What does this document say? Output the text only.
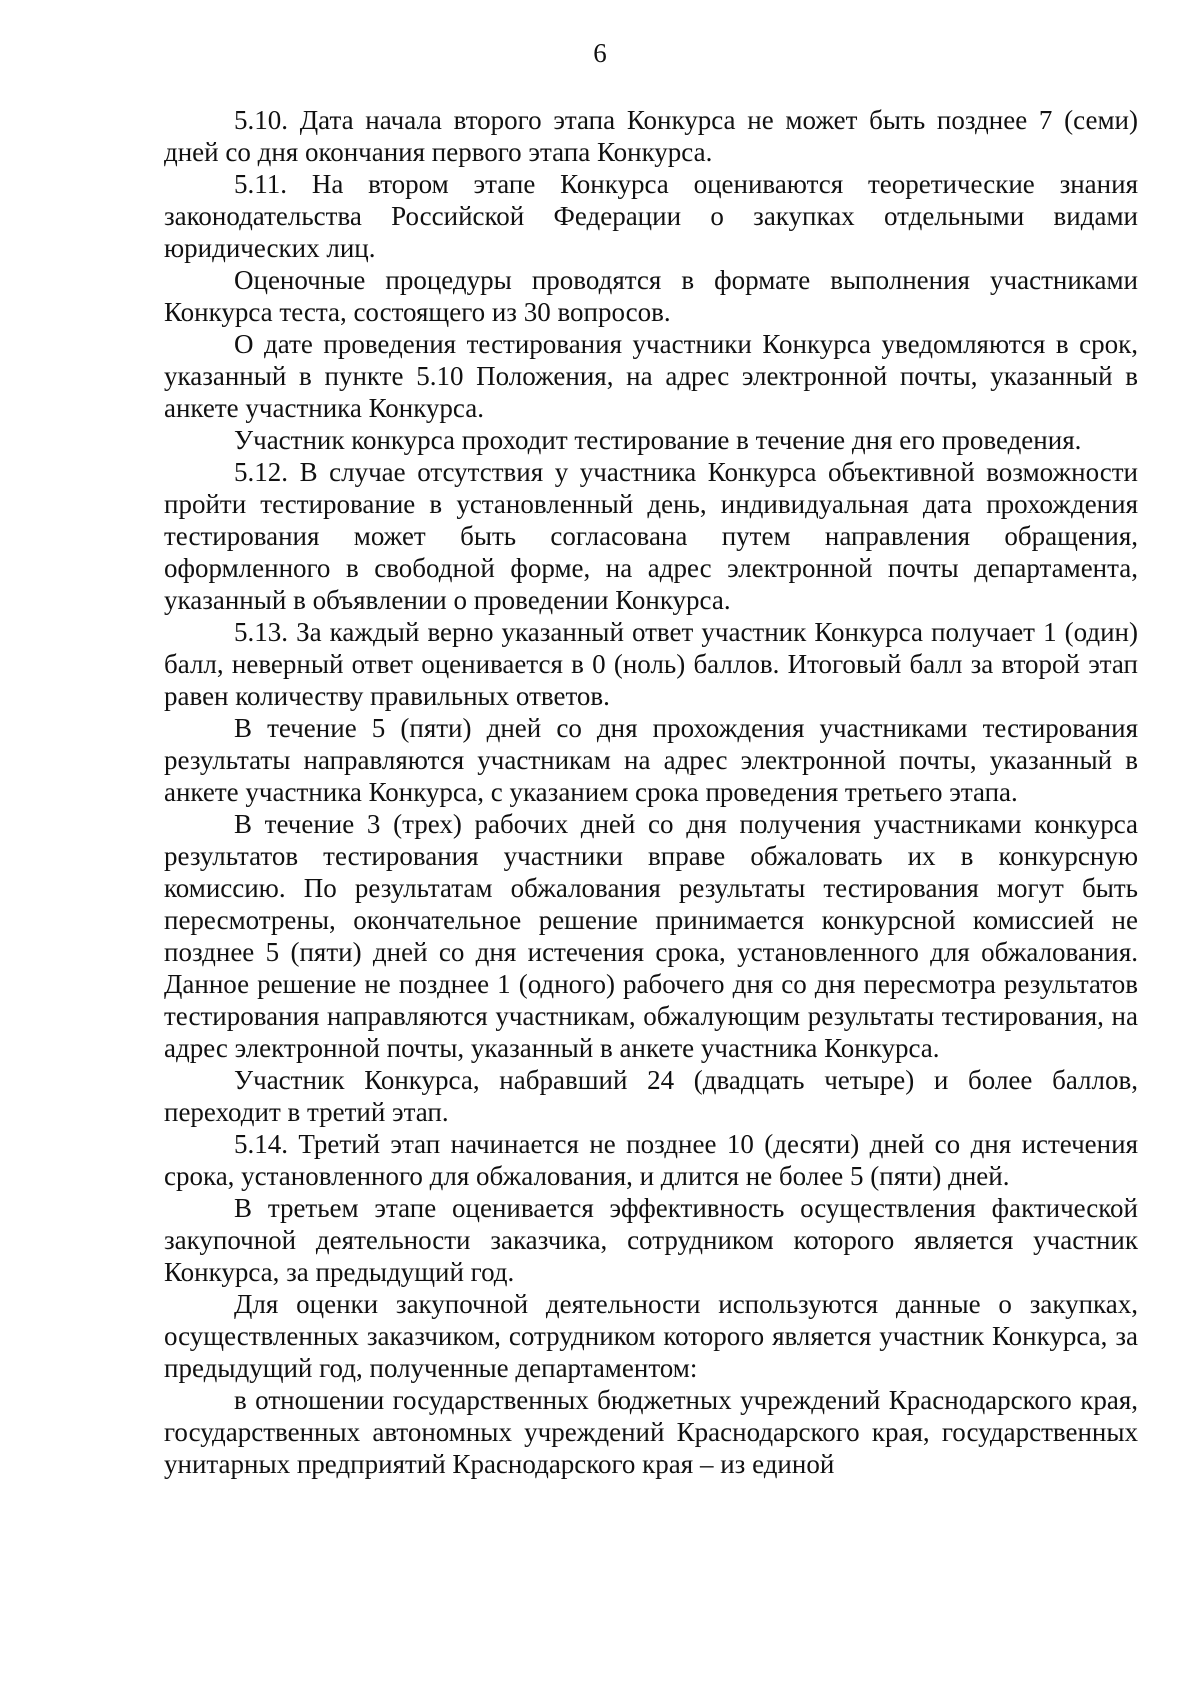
6

5.10. Дата начала второго этапа Конкурса не может быть позднее 7 (семи) дней со дня окончания первого этапа Конкурса.

5.11. На втором этапе Конкурса оцениваются теоретические знания законодательства Российской Федерации о закупках отдельными видами юридических лиц.

Оценочные процедуры проводятся в формате выполнения участниками Конкурса теста, состоящего из 30 вопросов.

О дате проведения тестирования участники Конкурса уведомляются в срок, указанный в пункте 5.10 Положения, на адрес электронной почты, указанный в анкете участника Конкурса.

Участник конкурса проходит тестирование в течение дня его проведения.

5.12. В случае отсутствия у участника Конкурса объективной возможности пройти тестирование в установленный день, индивидуальная дата прохождения тестирования может быть согласована путем направления обращения, оформленного в свободной форме, на адрес электронной почты департамента, указанный в объявлении о проведении Конкурса.

5.13. За каждый верно указанный ответ участник Конкурса получает 1 (один) балл, неверный ответ оценивается в 0 (ноль) баллов. Итоговый балл за второй этап равен количеству правильных ответов.

В течение 5 (пяти) дней со дня прохождения участниками тестирования результаты направляются участникам на адрес электронной почты, указанный в анкете участника Конкурса, с указанием срока проведения третьего этапа.

В течение 3 (трех) рабочих дней со дня получения участниками конкурса результатов тестирования участники вправе обжаловать их в конкурсную комиссию. По результатам обжалования результаты тестирования могут быть пересмотрены, окончательное решение принимается конкурсной комиссией не позднее 5 (пяти) дней со дня истечения срока, установленного для обжалования. Данное решение не позднее 1 (одного) рабочего дня со дня пересмотра результатов тестирования направляются участникам, обжалующим результаты тестирования, на адрес электронной почты, указанный в анкете участника Конкурса.

Участник Конкурса, набравший 24 (двадцать четыре) и более баллов, переходит в третий этап.

5.14. Третий этап начинается не позднее 10 (десяти) дней со дня истечения срока, установленного для обжалования, и длится не более 5 (пяти) дней.

В третьем этапе оценивается эффективность осуществления фактической закупочной деятельности заказчика, сотрудником которого является участник Конкурса, за предыдущий год.

Для оценки закупочной деятельности используются данные о закупках, осуществленных заказчиком, сотрудником которого является участник Конкурса, за предыдущий год, полученные департаментом:

в отношении государственных бюджетных учреждений Краснодарского края, государственных автономных учреждений Краснодарского края, государственных унитарных предприятий Краснодарского края – из единой
